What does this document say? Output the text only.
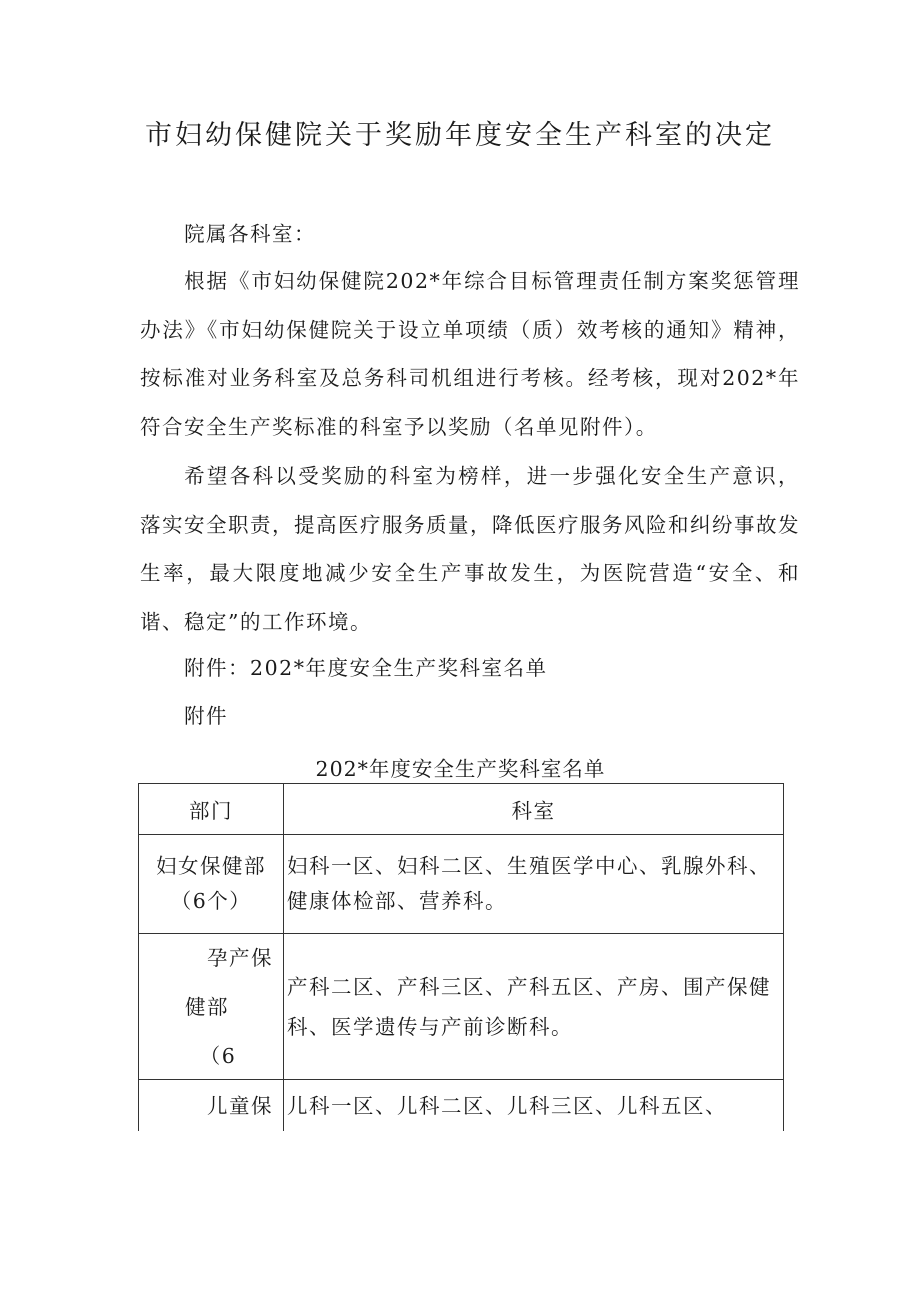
市妇幼保健院关于奖励年度安全生产科室的决定

院属各科室：

根据《市妇幼保健院202*年综合目标管理责任制方案奖惩管理办法》《市妇幼保健院关于设立单项绩（质）效考核的通知》精神，按标准对业务科室及总务科司机组进行考核。经考核，现对202*年符合安全生产奖标准的科室予以奖励（名单见附件）。

希望各科以受奖励的科室为榜样，进一步强化安全生产意识，落实安全职责，提高医疗服务质量，降低医疗服务风险和纠纷事故发生率，最大限度地减少安全生产事故发生，为医院营造“安全、和谐、稳定”的工作环境。

附件：202*年度安全生产奖科室名单

附件

202*年度安全生产奖科室名单
部门	科室

妇女保健部
（6个）	妇科一区、妇科二区、生殖医学中心、乳腺外科、健康体检部、营养科。

孕产保
健部
（6	产科二区、产科三区、产科五区、产房、围产保健科、医学遗传与产前诊断科。
儿童保	儿科一区、儿科二区、儿科三区、儿科五区、
